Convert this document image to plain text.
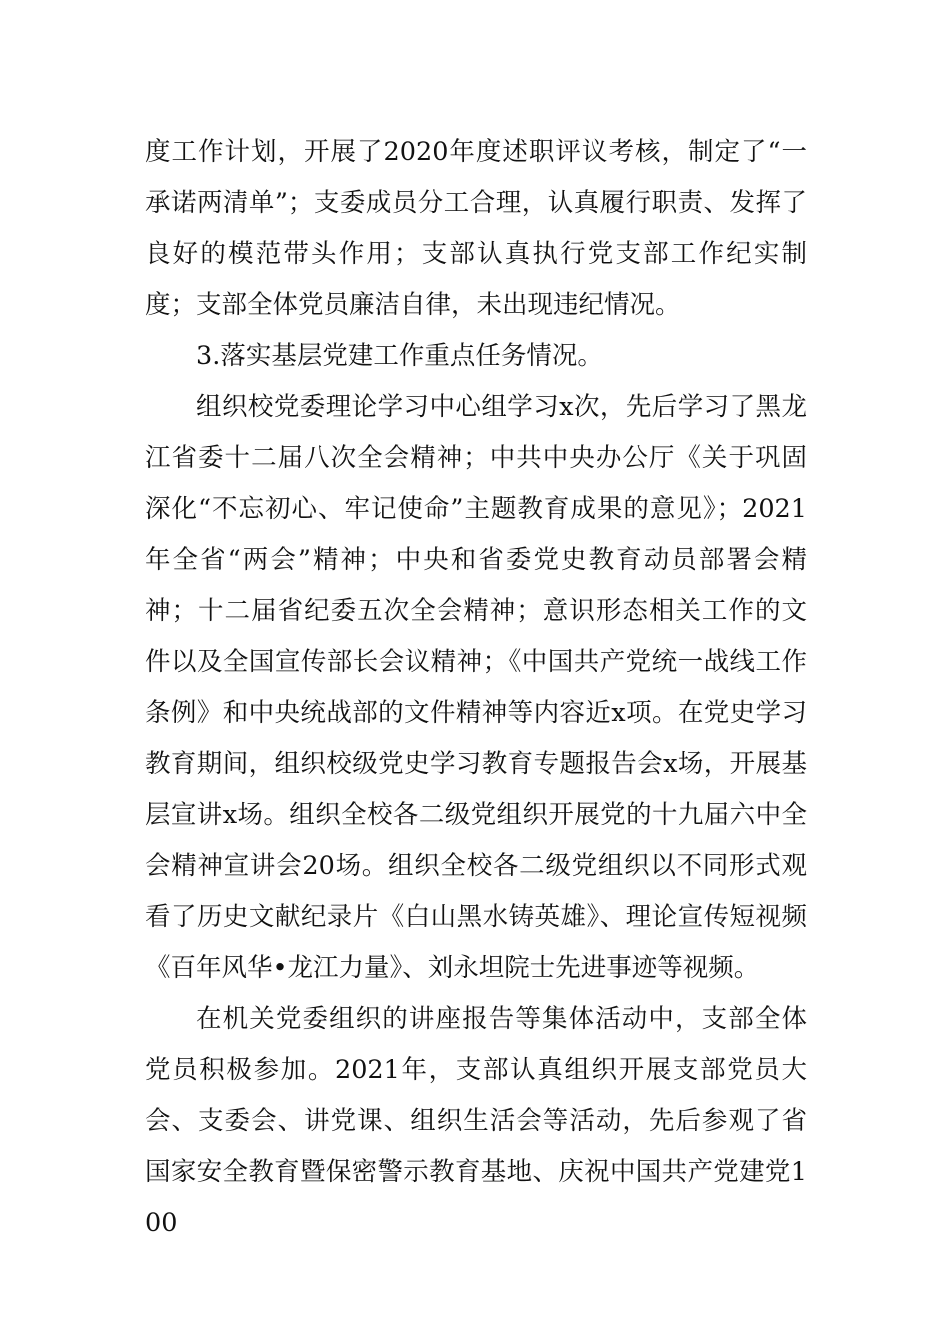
度工作计划，开展了2020年度述职评议考核，制定了“一承诺两清单”；支委成员分工合理，认真履行职责、发挥了良好的模范带头作用；支部认真执行党支部工作纪实制度；支部全体党员廉洁自律，未出现违纪情况。

3.落实基层党建工作重点任务情况。

组织校党委理论学习中心组学习x次，先后学习了黑龙江省委十二届八次全会精神；中共中央办公厅《关于巩固深化“不忘初心、牢记使命”主题教育成果的意见》；2021年全省“两会”精神；中央和省委党史教育动员部署会精神；十二届省纪委五次全会精神；意识形态相关工作的文件以及全国宣传部长会议精神；《中国共产党统一战线工作条例》和中央统战部的文件精神等内容近x项。在党史学习教育期间，组织校级党史学习教育专题报告会x场，开展基层宣讲x场。组织全校各二级党组织开展党的十九届六中全会精神宣讲会20场。组织全校各二级党组织以不同形式观看了历史文献纪录片《白山黑水铸英雄》、理论宣传短视频《百年风华•龙江力量》、刘永坦院士先进事迹等视频。

在机关党委组织的讲座报告等集体活动中，支部全体党员积极参加。2021年，支部认真组织开展支部党员大会、支委会、讲党课、组织生活会等活动，先后参观了省国家安全教育暨保密警示教育基地、庆祝中国共产党建党100
